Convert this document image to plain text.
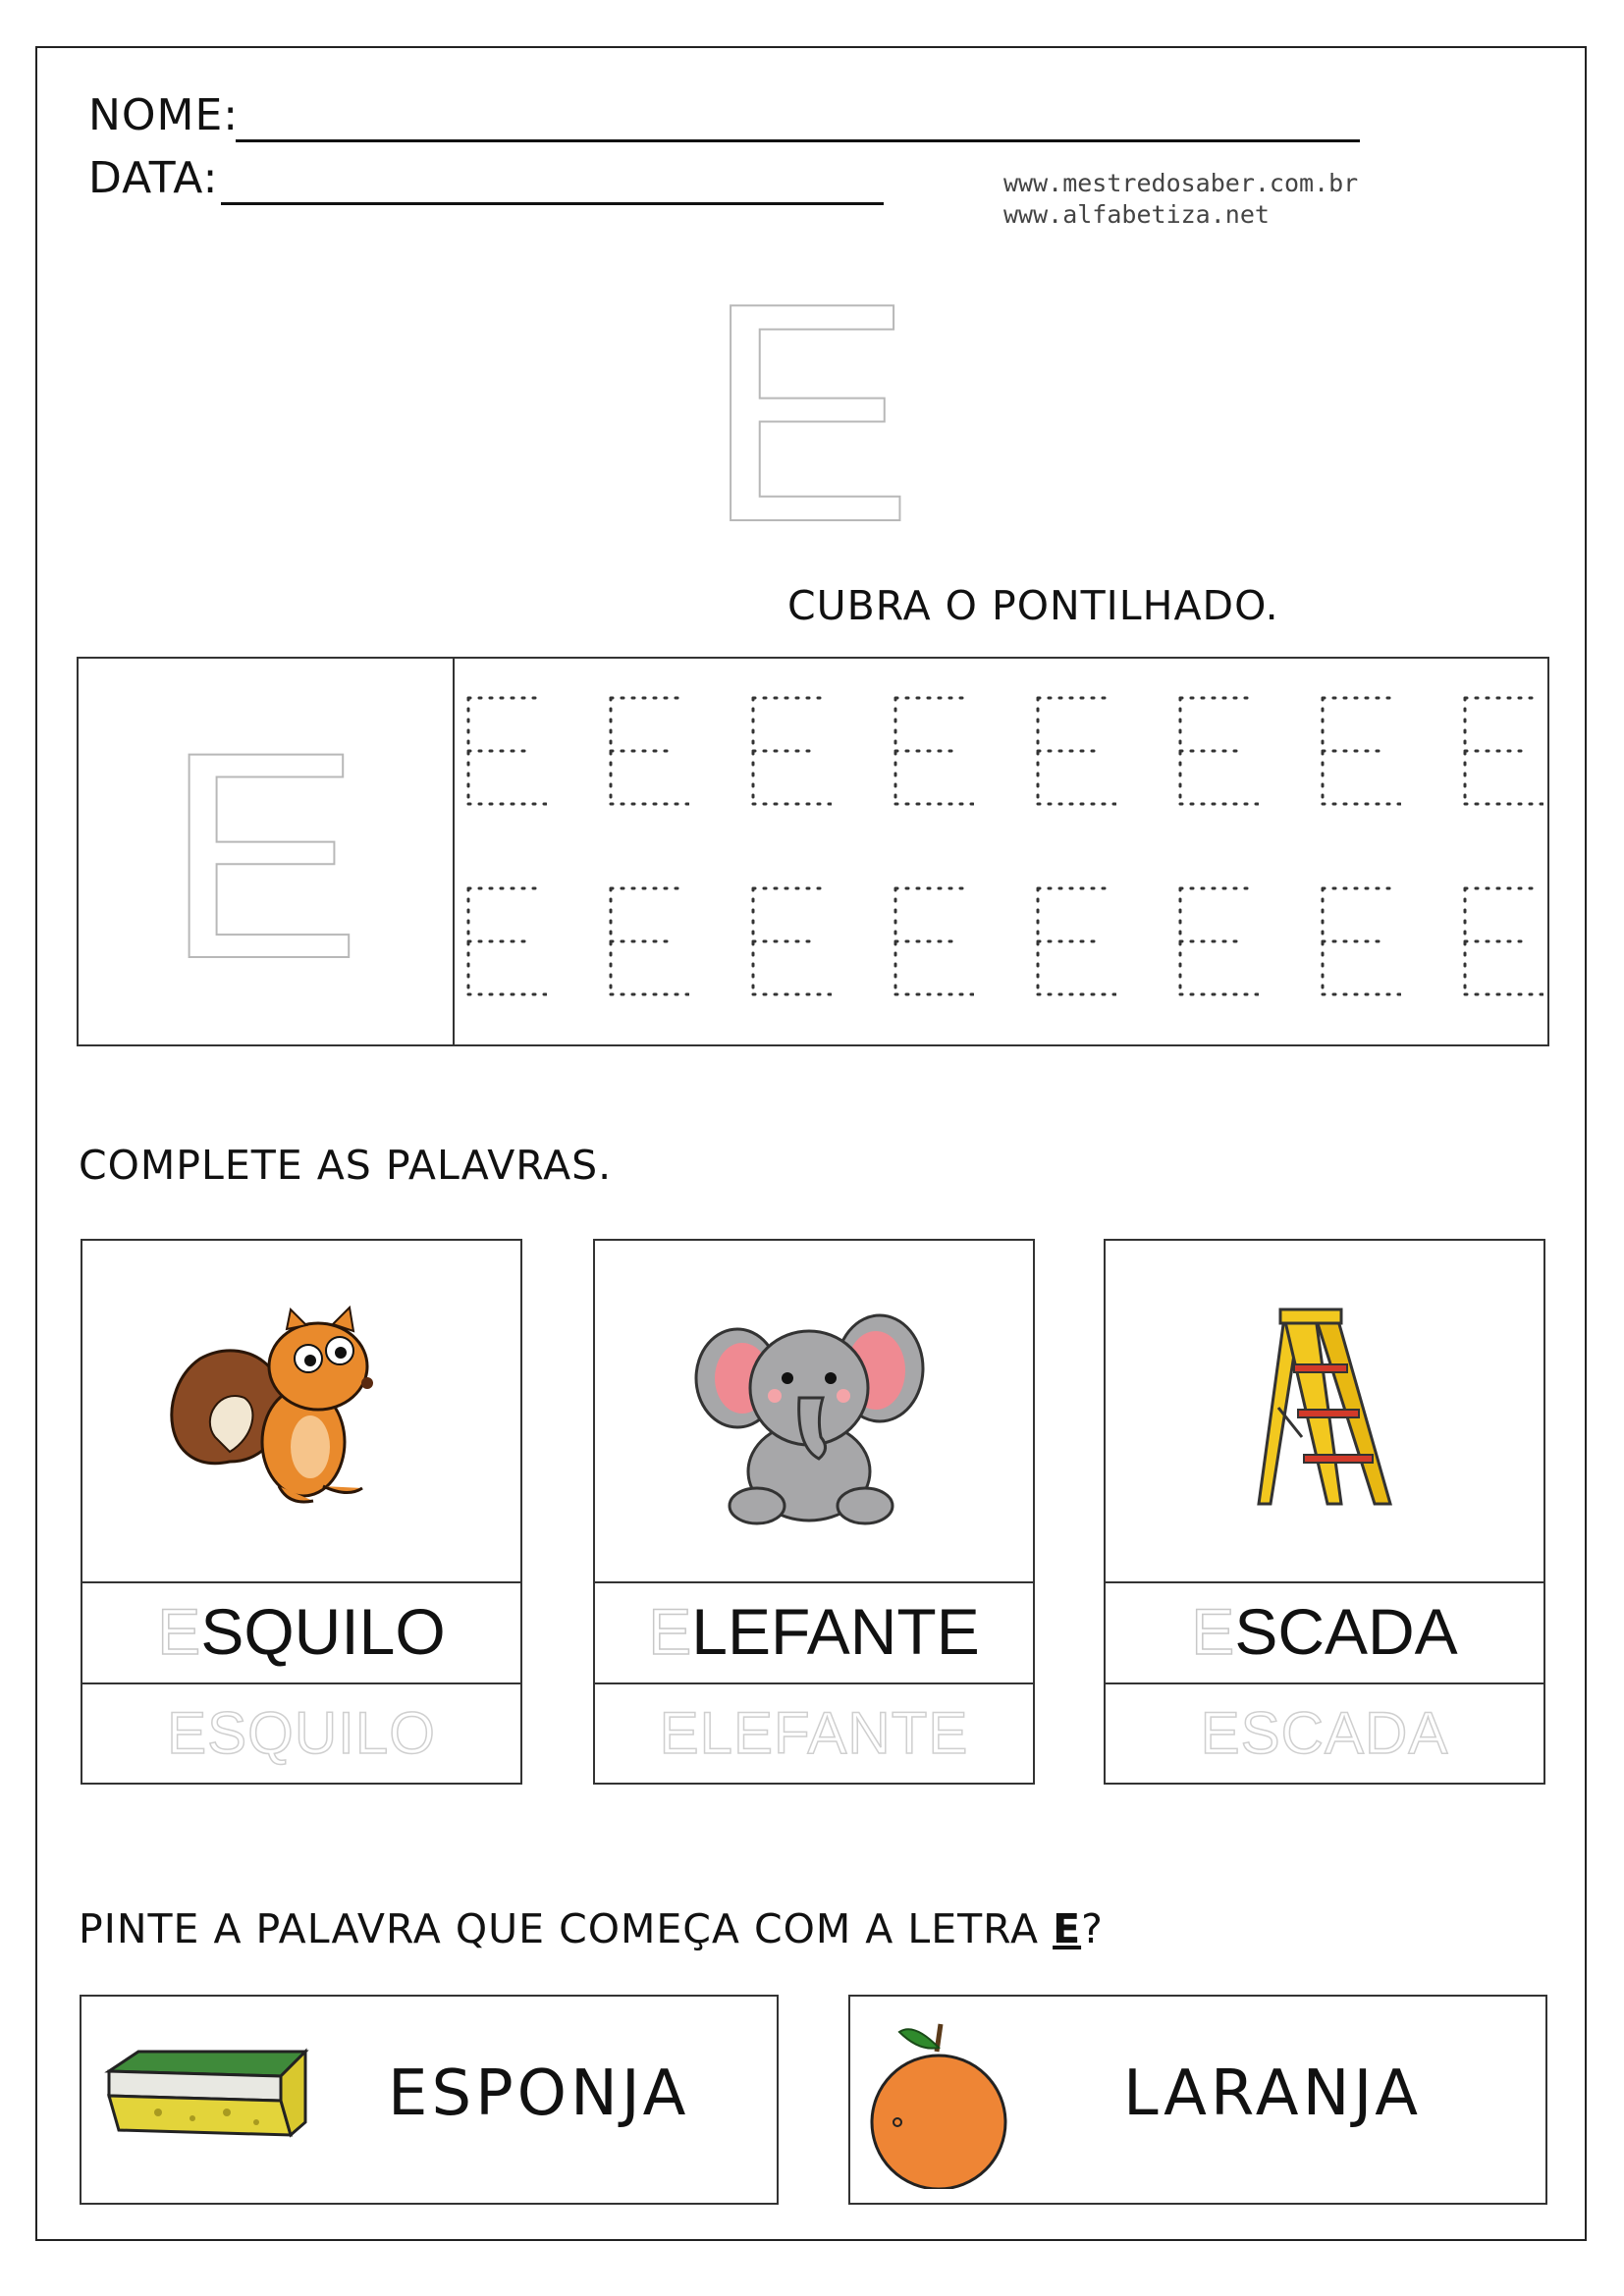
NOME:
DATA:	www.mestredosaber.com.br
www.alfabetiza.net
E
CUBRA O PONTILHADO.
E
COMPLETE AS PALAVRAS.
ESQUILO
ESQUILO
ELEFANTE
ELEFANTE
ESCADA
ESCADA
PINTE A PALAVRA QUE COMEÇA COM A LETRA E?
ESPONJA	LARANJA
